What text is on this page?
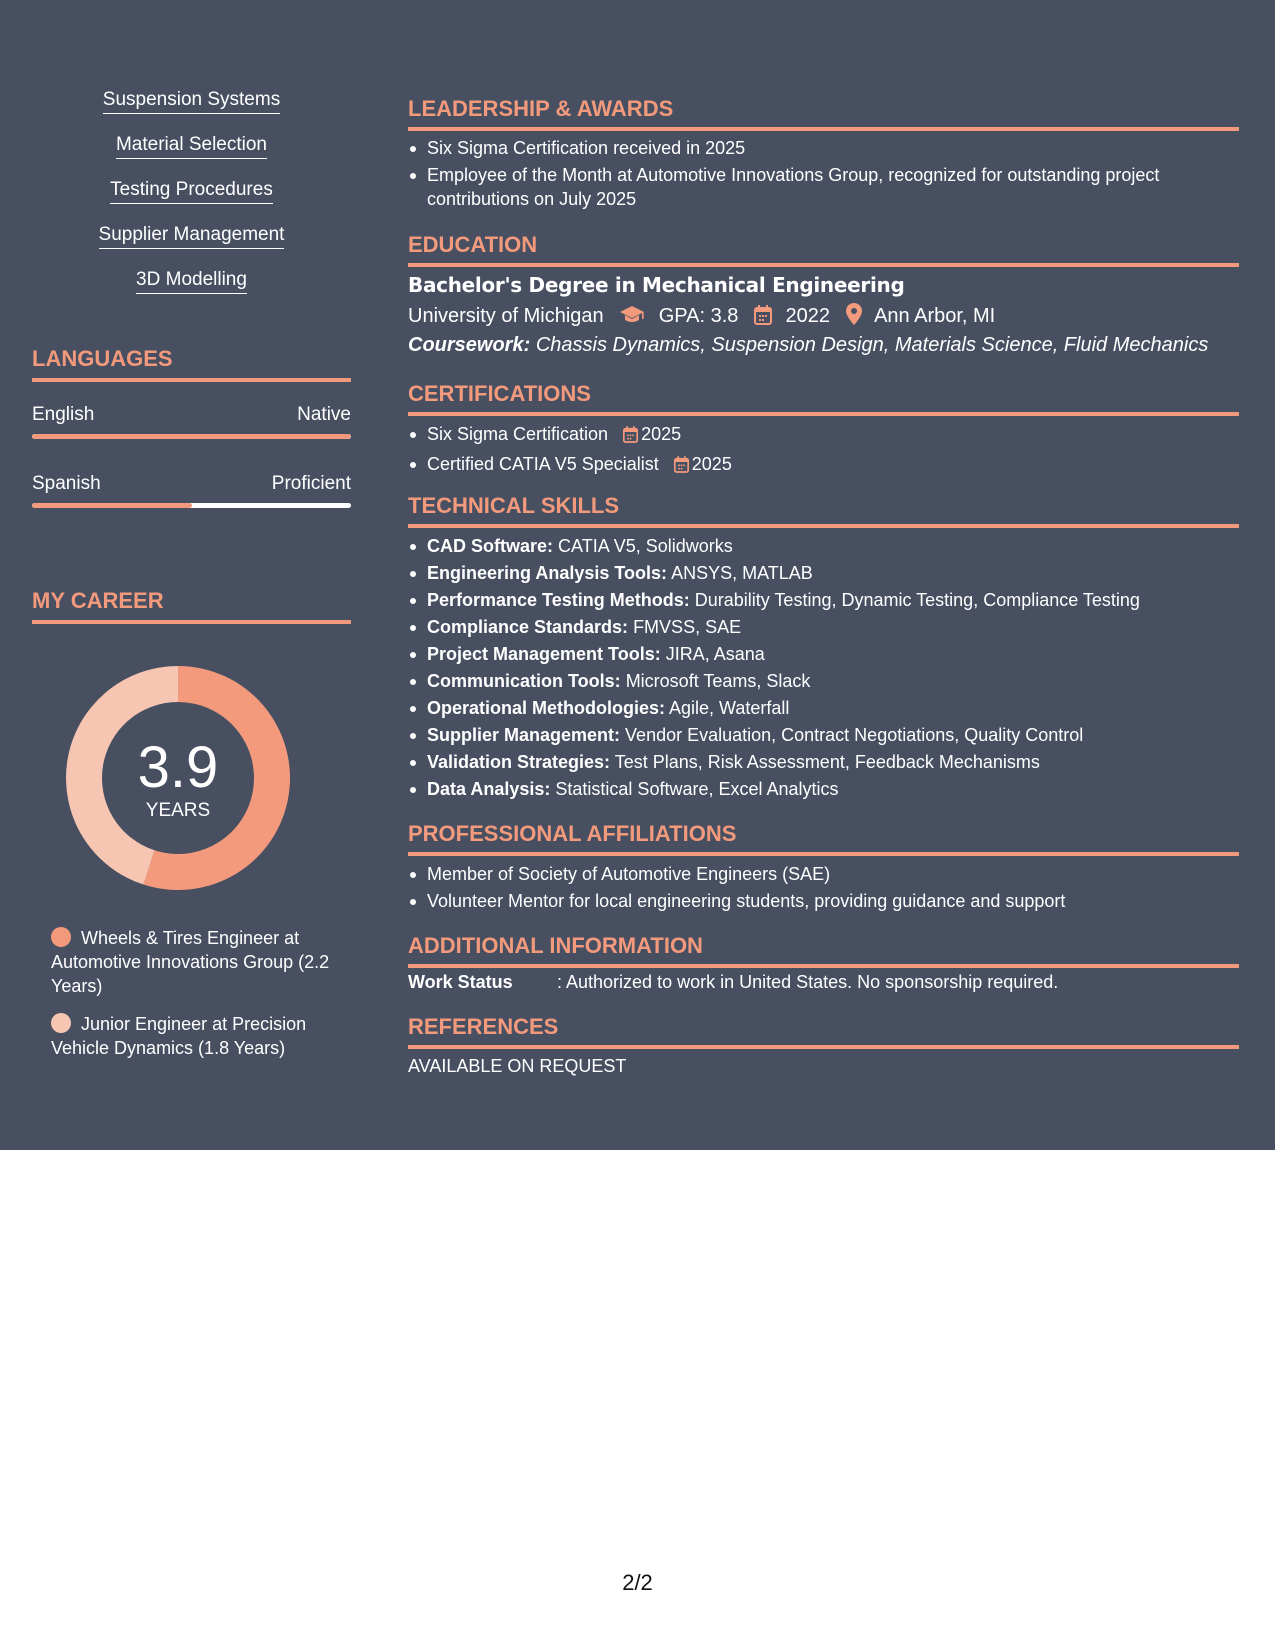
Suspension Systems
Material Selection
Testing Procedures
Supplier Management
3D Modelling
LANGUAGES
English	Native
Spanish	Proficient
MY CAREER
3.9
YEARS
Wheels & Tires Engineer at Automotive Innovations Group (2.2 Years)
Junior Engineer at Precision Vehicle Dynamics (1.8 Years)
LEADERSHIP & AWARDS
Six Sigma Certification received in 2025
Employee of the Month at Automotive Innovations Group, recognized for outstanding project contributions on July 2025
EDUCATION
Bachelor's Degree in Mechanical Engineering
University of Michigan	GPA: 3.8 2022 Ann Arbor, MI
Coursework: Chassis Dynamics, Suspension Design, Materials Science, Fluid Mechanics
CERTIFICATIONS
Six Sigma Certification 2025
Certified CATIA V5 Specialist 2025
TECHNICAL SKILLS
CAD Software: CATIA V5, Solidworks
Engineering Analysis Tools: ANSYS, MATLAB
Performance Testing Methods: Durability Testing, Dynamic Testing, Compliance Testing
Compliance Standards: FMVSS, SAE
Project Management Tools: JIRA, Asana
Communication Tools: Microsoft Teams, Slack
Operational Methodologies: Agile, Waterfall
Supplier Management: Vendor Evaluation, Contract Negotiations, Quality Control
Validation Strategies: Test Plans, Risk Assessment, Feedback Mechanisms
Data Analysis: Statistical Software, Excel Analytics
PROFESSIONAL AFFILIATIONS
Member of Society of Automotive Engineers (SAE)
Volunteer Mentor for local engineering students, providing guidance and support
ADDITIONAL INFORMATION
Work Status : Authorized to work in United States. No sponsorship required.
REFERENCES
AVAILABLE ON REQUEST
2/2
